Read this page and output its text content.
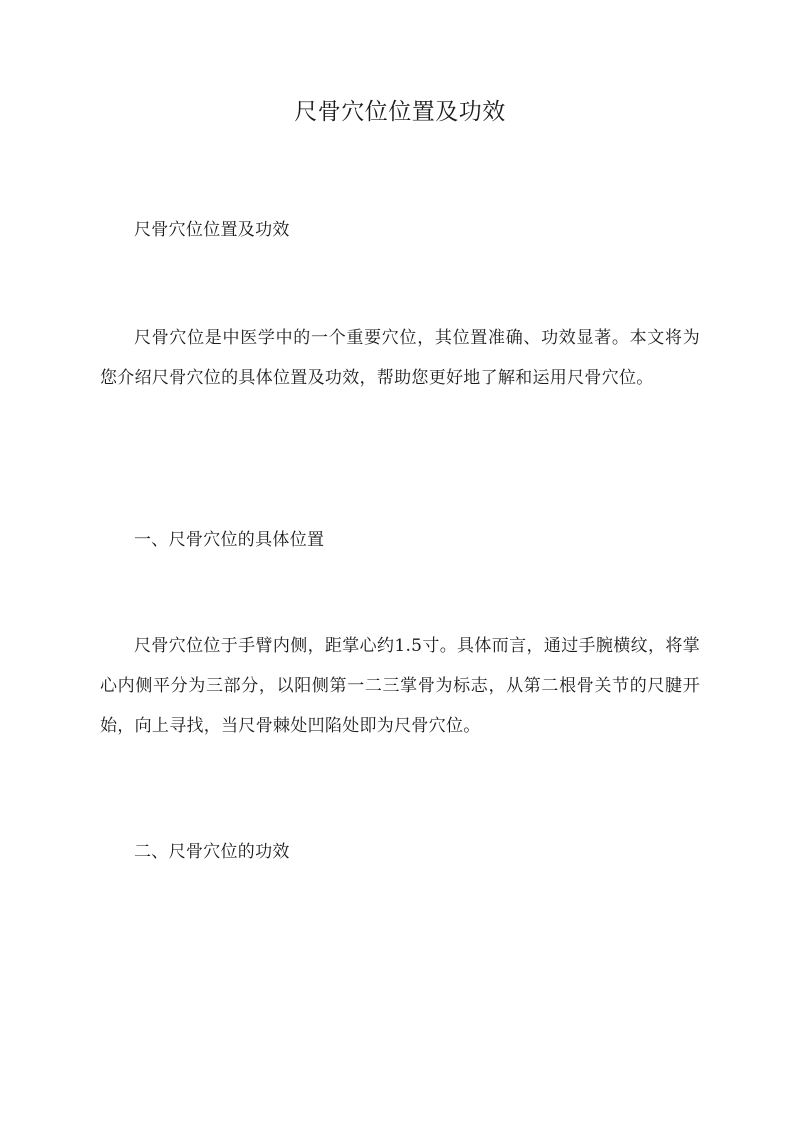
尺骨穴位位置及功效

尺骨穴位位置及功效

尺骨穴位是中医学中的一个重要穴位，其位置准确、功效显著。本文将为您介绍尺骨穴位的具体位置及功效，帮助您更好地了解和运用尺骨穴位。

一、尺骨穴位的具体位置

尺骨穴位位于手臂内侧，距掌心约1.5寸。具体而言，通过手腕横纹，将掌心内侧平分为三部分，以阳侧第一二三掌骨为标志，从第二根骨关节的尺腱开始，向上寻找，当尺骨棘处凹陷处即为尺骨穴位。

二、尺骨穴位的功效
